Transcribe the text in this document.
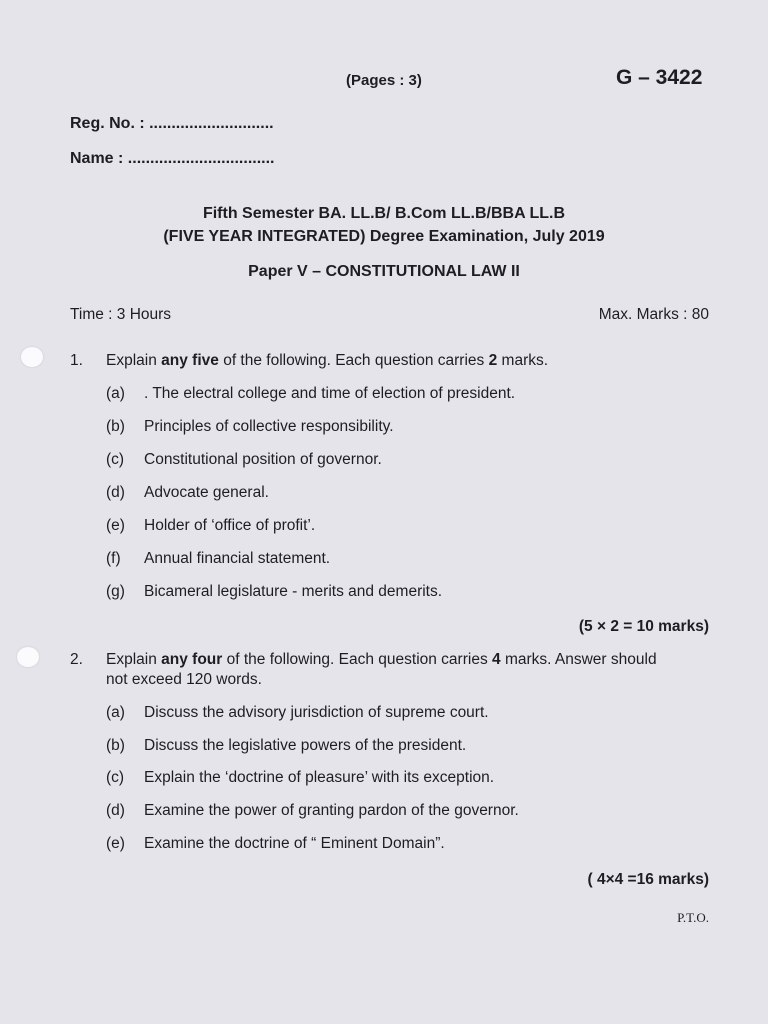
(Pages : 3)	G – 3422
Reg. No. : ............................
Name : .................................
Fifth Semester BA. LL.B/ B.Com LL.B/BBA LL.B
(FIVE YEAR INTEGRATED) Degree Examination, July 2019
Paper V – CONSTITUTIONAL LAW II
Time : 3 Hours	Max. Marks : 80
1. Explain any five of the following. Each question carries 2 marks.
(a) . The electral college and time of election of president.
(b) Principles of collective responsibility.
(c) Constitutional position of governor.
(d) Advocate general.
(e) Holder of ‘office of profit’.
(f) Annual financial statement.
(g) Bicameral legislature - merits and demerits.
(5 × 2 = 10 marks)
2. Explain any four of the following. Each question carries 4 marks. Answer should
not exceed 120 words.
(a) Discuss the advisory jurisdiction of supreme court.
(b) Discuss the legislative powers of the president.
(c) Explain the ‘doctrine of pleasure’ with its exception.
(d) Examine the power of granting pardon of the governor.
(e) Examine the doctrine of “ Eminent Domain”.
( 4×4 =16 marks)
P.T.O.
